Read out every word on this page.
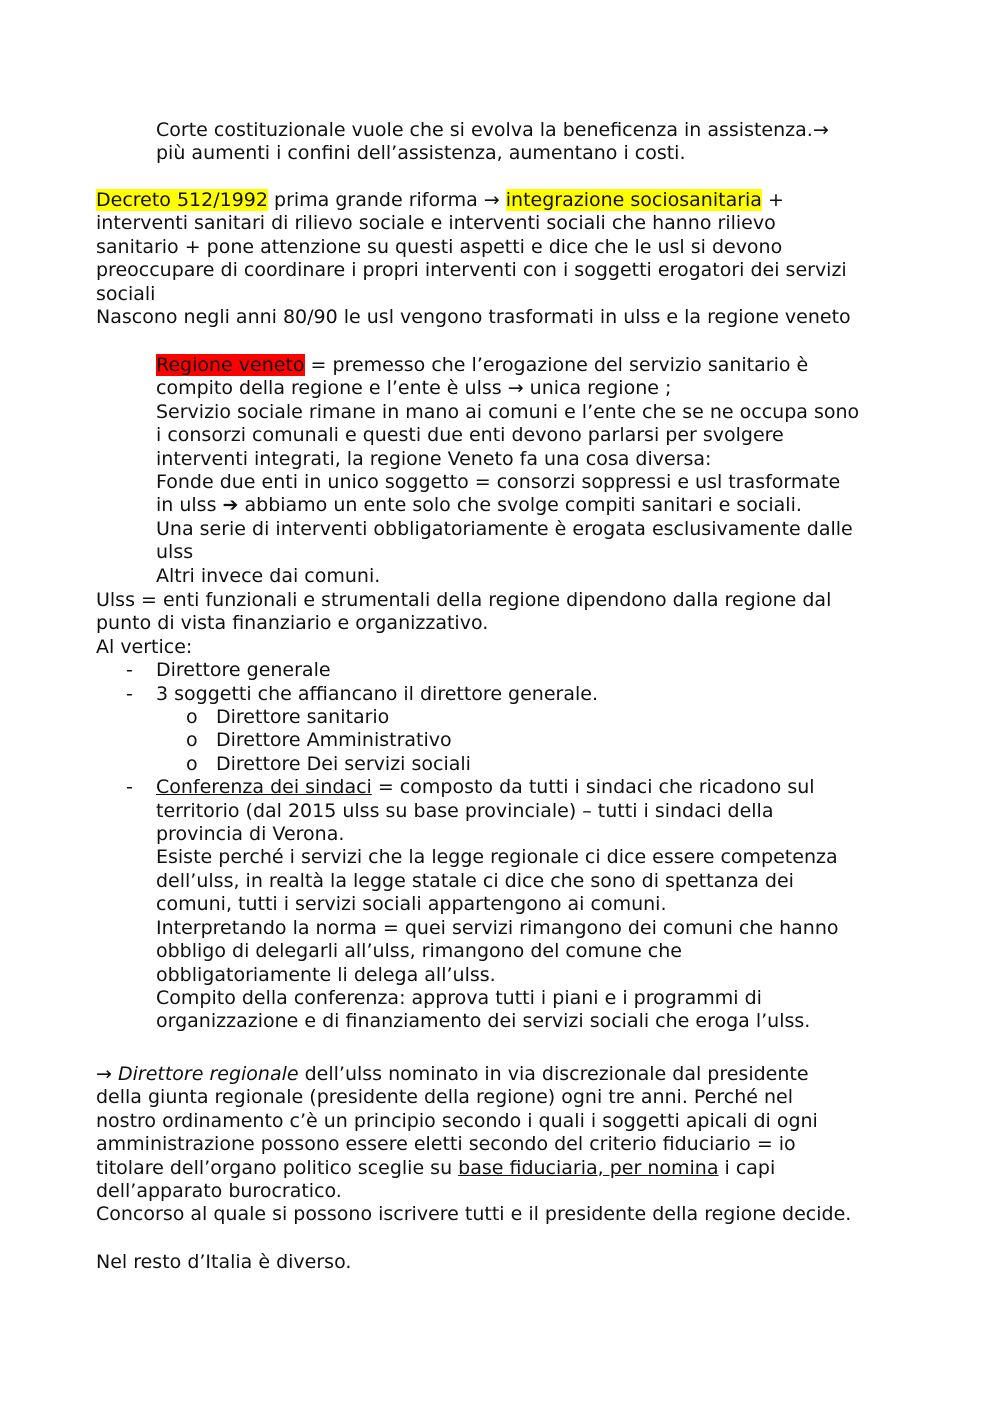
Corte costituzionale vuole che si evolva la beneficenza in assistenza.→
più aumenti i confini dell’assistenza, aumentano i costi.
Decreto 512/1992 prima grande riforma → integrazione sociosanitaria +
interventi sanitari di rilievo sociale e interventi sociali che hanno rilievo
sanitario + pone attenzione su questi aspetti e dice che le usl si devono
preoccupare di coordinare i propri interventi con i soggetti erogatori dei servizi
sociali
Nascono negli anni 80/90 le usl vengono trasformati in ulss e la regione veneto
Regione veneto = premesso che l’erogazione del servizio sanitario è
compito della regione e l’ente è ulss → unica regione ;
Servizio sociale rimane in mano ai comuni e l’ente che se ne occupa sono
i consorzi comunali e questi due enti devono parlarsi per svolgere
interventi integrati, la regione Veneto fa una cosa diversa:
Fonde due enti in unico soggetto = consorzi soppressi e usl trasformate
in ulss ➔ abbiamo un ente solo che svolge compiti sanitari e sociali.
Una serie di interventi obbligatoriamente è erogata esclusivamente dalle
ulss
Altri invece dai comuni.
Ulss = enti funzionali e strumentali della regione dipendono dalla regione dal
punto di vista finanziario e organizzativo.
Al vertice:
- Direttore generale
- 3 soggetti che affiancano il direttore generale.
o Direttore sanitario
o Direttore Amministrativo
o Direttore Dei servizi sociali
- Conferenza dei sindaci = composto da tutti i sindaci che ricadono sul
territorio (dal 2015 ulss su base provinciale) – tutti i sindaci della
provincia di Verona.
Esiste perché i servizi che la legge regionale ci dice essere competenza
dell’ulss, in realtà la legge statale ci dice che sono di spettanza dei
comuni, tutti i servizi sociali appartengono ai comuni.
Interpretando la norma = quei servizi rimangono dei comuni che hanno
obbligo di delegarli all’ulss, rimangono del comune che
obbligatoriamente li delega all’ulss.
Compito della conferenza: approva tutti i piani e i programmi di
organizzazione e di finanziamento dei servizi sociali che eroga l’ulss.
→ Direttore regionale dell’ulss nominato in via discrezionale dal presidente
della giunta regionale (presidente della regione) ogni tre anni. Perché nel
nostro ordinamento c’è un principio secondo i quali i soggetti apicali di ogni
amministrazione possono essere eletti secondo del criterio fiduciario = io
titolare dell’organo politico sceglie su base fiduciaria, per nomina i capi
dell’apparato burocratico.
Concorso al quale si possono iscrivere tutti e il presidente della regione decide.
Nel resto d’Italia è diverso.
